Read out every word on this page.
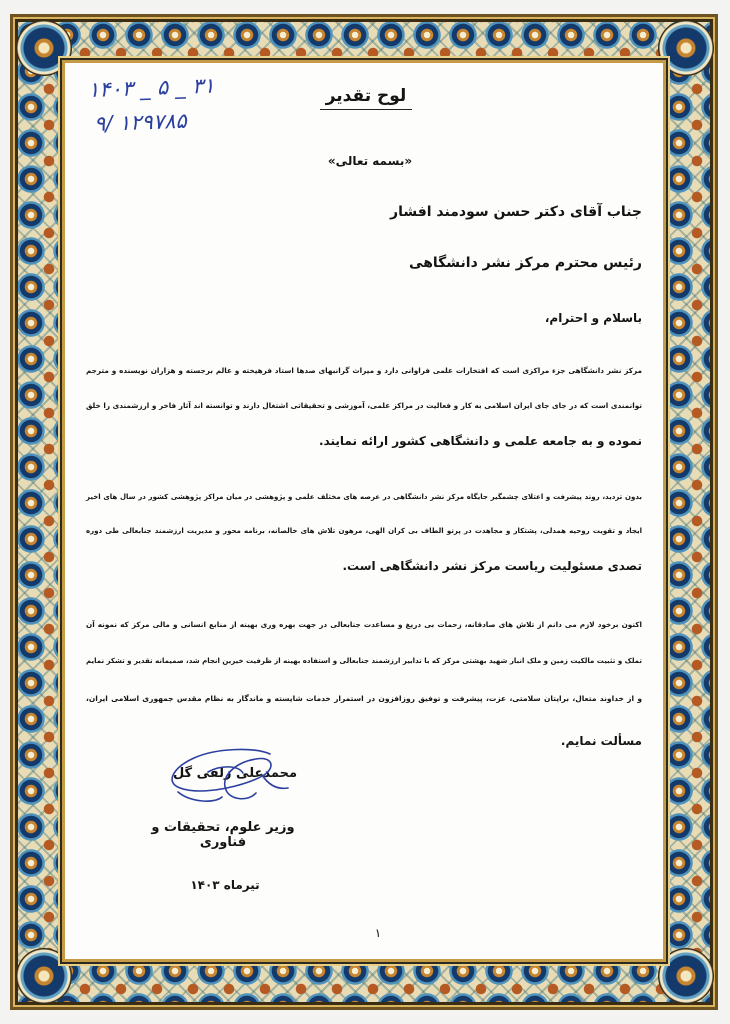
۱۴۰۳ _ ۵ _ ۳۱
۹/ ۱۲۹۷۸۵
لوح تقدیر
«بسمه تعالی»
جناب آقای دکتر حسن سودمند افشار
رئیس محترم مرکز نشر دانشگاهی
باسلام و احترام،
مرکز نشر دانشگاهی جزء مراکزی است که افتخارات علمی فراوانی دارد و میراث گرانبهای صدها استاد فرهیخته و عالم برجسته و هزاران نویسنده و مترجم
توانمندی است که در جای جای ایران اسلامی به کار و فعالیت در مراکز علمی، آموزشی و تحقیقاتی اشتغال دارند و توانسته اند آثار فاخر و ارزشمندی را خلق
نموده و به جامعه علمی و دانشگاهی کشور ارائه نمایند.
بدون تردید، روند پیشرفت و اعتلای چشمگیر جایگاه مرکز نشر دانشگاهی در عرصه های مختلف علمی و پژوهشی در میان مراکز پژوهشی کشور در سال های اخیر
ایجاد و تقویت روحیه همدلی، پشتکار و مجاهدت در پرتو الطاف بی کران الهی، مرهون تلاش های خالصانه، برنامه محور و مدیریت ارزشمند جنابعالی طی دوره
تصدی مسئولیت ریاست مرکز نشر دانشگاهی است.
اکنون برخود لازم می دانم از تلاش های صادقانه، زحمات بی دریغ و مساعدت جنابعالی در جهت بهره وری بهینه از منابع انسانی و مالی مرکز که نمونه آن
تملک و تثبیت مالکیت زمین و ملک انبار شهید بهشتی مرکز که با تدابیر ارزشمند جنابعالی و استفاده بهینه از ظرفیت خیرین انجام شد، صمیمانه تقدیر و تشکر نمایم
و از خداوند متعال، برایتان سلامتی، عزت، پیشرفت و توفیق روزافزون در استمرار خدمات شایسته و ماندگار به نظام مقدس جمهوری اسلامی ایران،
مسألت نمایم.
محمدعلی زلفی گل
وزیر علوم، تحقیقات و فناوری
تیرماه ۱۴۰۳
۱
